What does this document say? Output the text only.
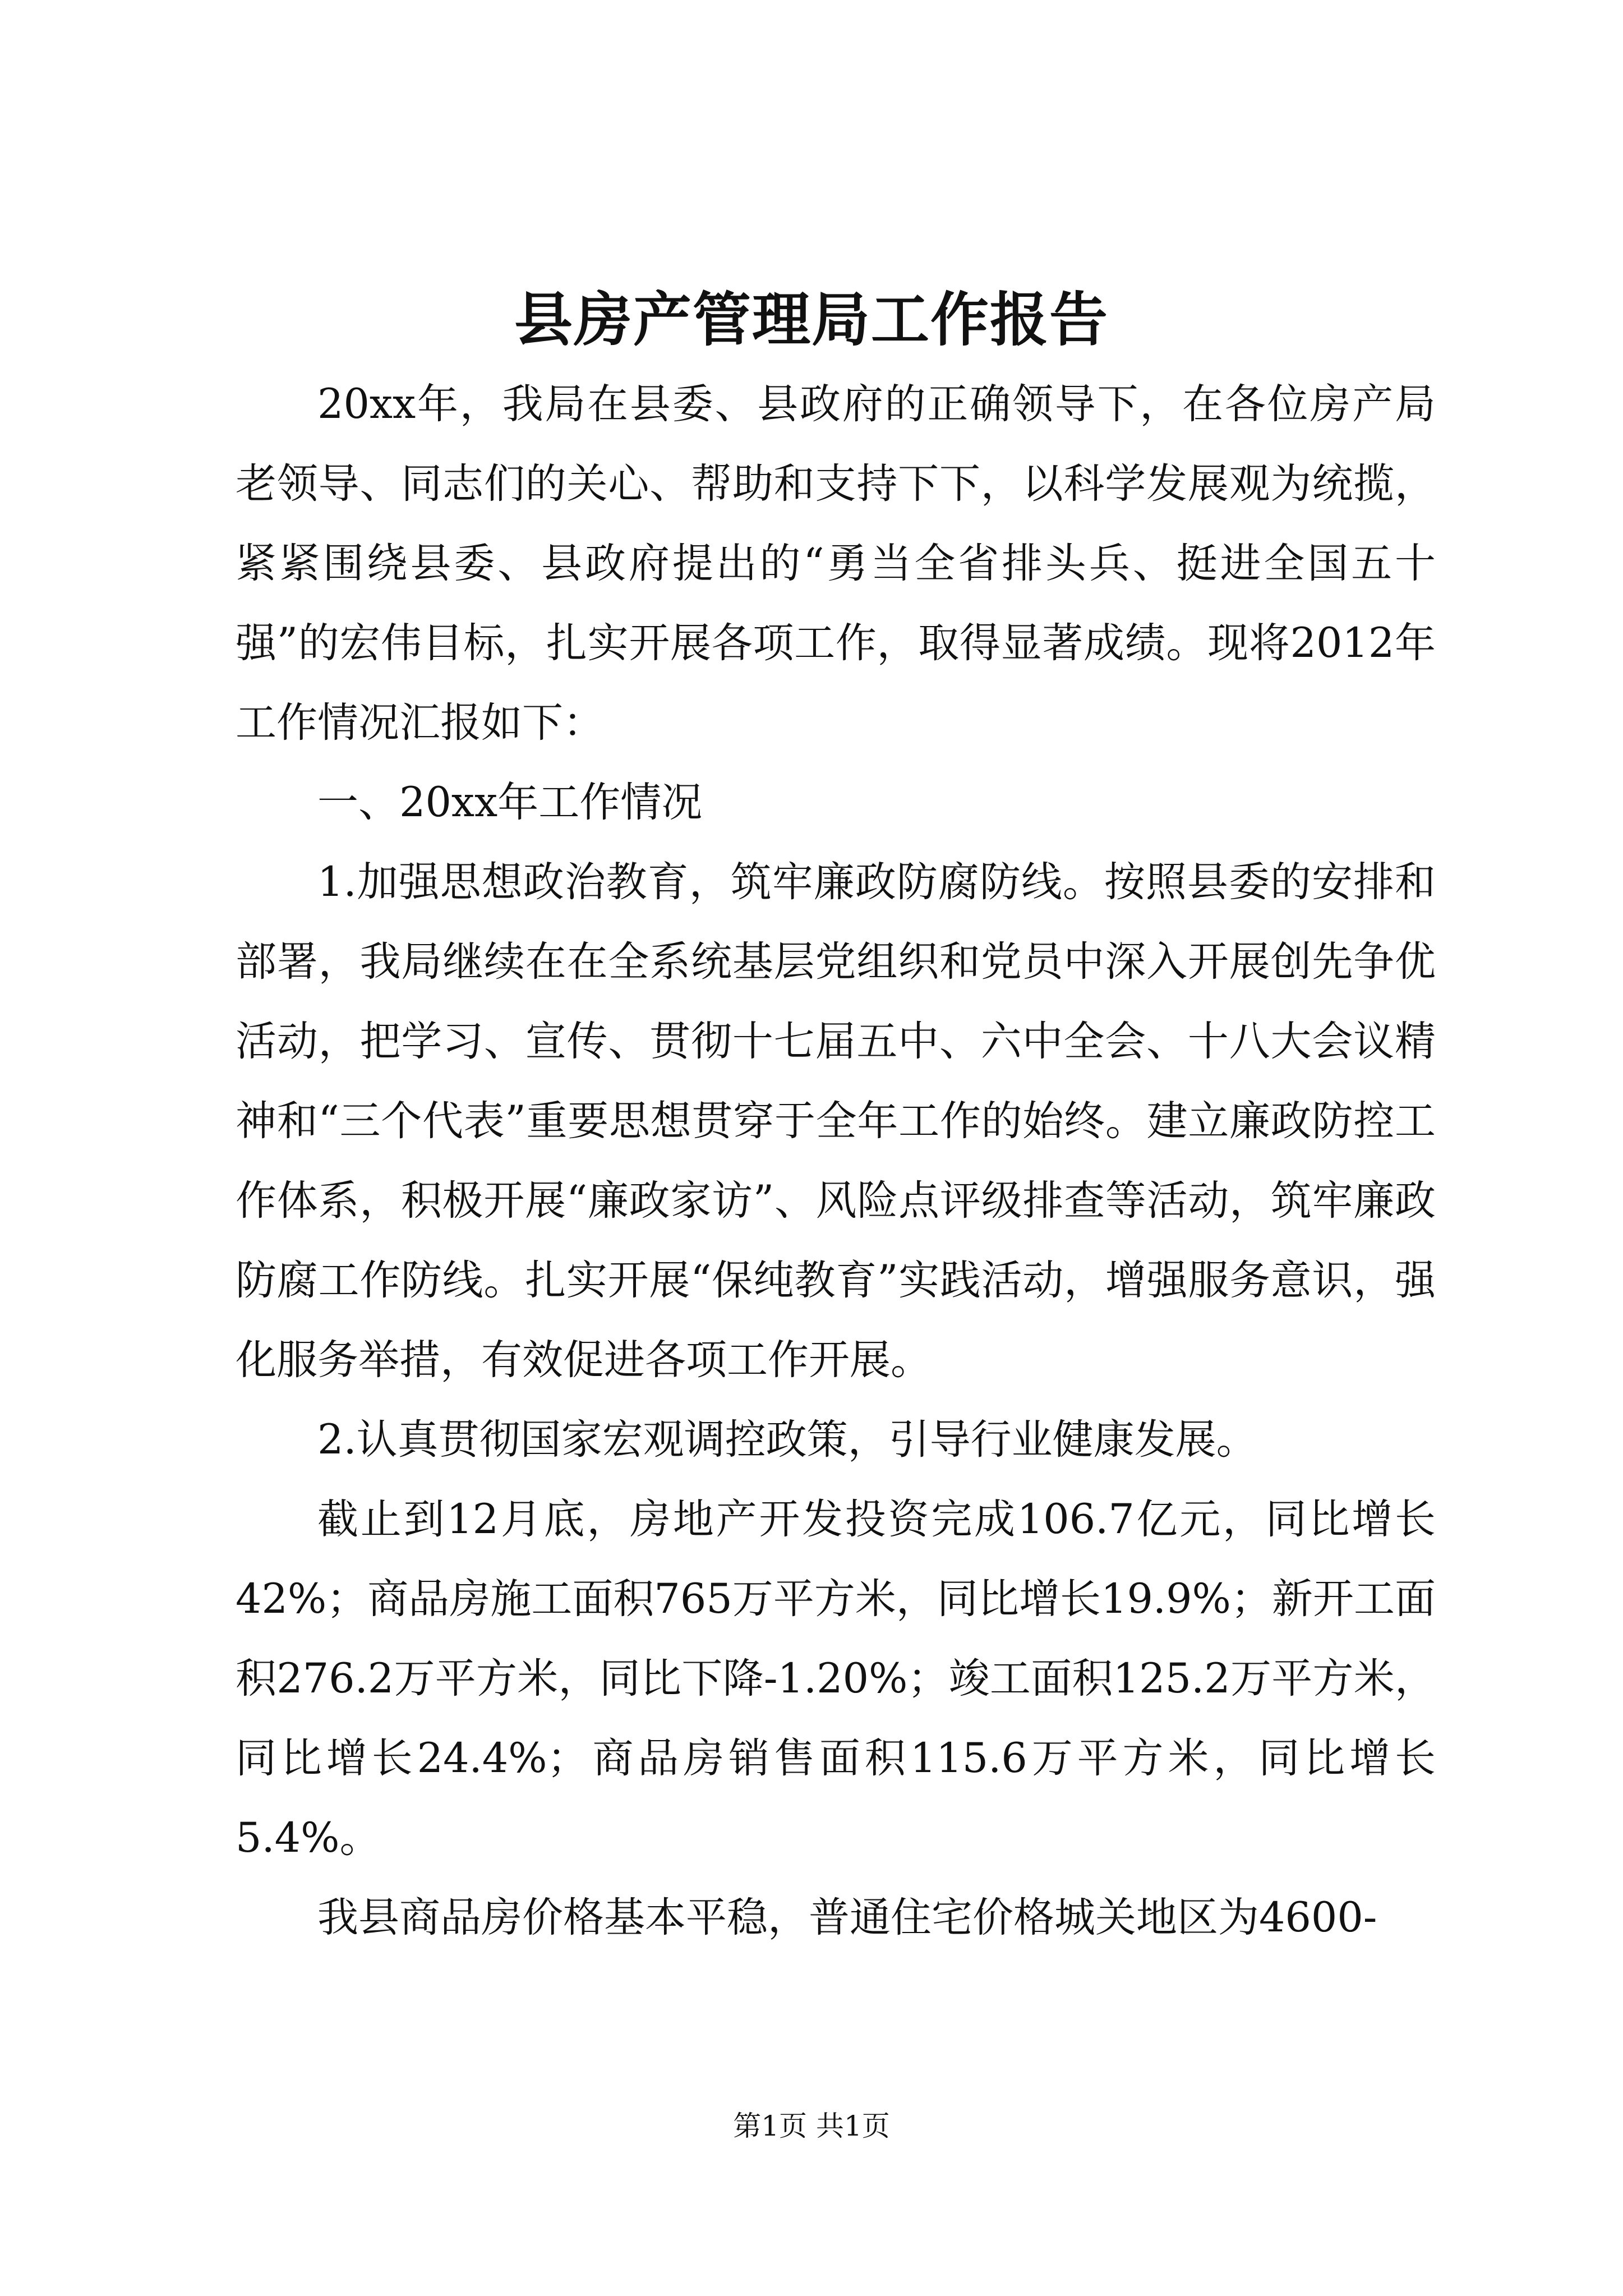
县房产管理局工作报告

20xx年，我局在县委、县政府的正确领导下，在各位房产局老领导、同志们的关心、帮助和支持下下，以科学发展观为统揽，紧紧围绕县委、县政府提出的“勇当全省排头兵、挺进全国五十强”的宏伟目标，扎实开展各项工作，取得显著成绩。现将2012年工作情况汇报如下：

一、20xx年工作情况

1.加强思想政治教育，筑牢廉政防腐防线。按照县委的安排和部署，我局继续在在全系统基层党组织和党员中深入开展创先争优活动，把学习、宣传、贯彻十七届五中、六中全会、十八大会议精神和“三个代表”重要思想贯穿于全年工作的始终。建立廉政防控工作体系，积极开展“廉政家访”、风险点评级排查等活动，筑牢廉政防腐工作防线。扎实开展“保纯教育”实践活动，增强服务意识，强化服务举措，有效促进各项工作开展。

2.认真贯彻国家宏观调控政策，引导行业健康发展。

截止到12月底，房地产开发投资完成106.7亿元，同比增长42%；商品房施工面积765万平方米，同比增长19.9%；新开工面积276.2万平方米，同比下降-1.20%；竣工面积125.2万平方米，同比增长24.4%；商品房销售面积115.6万平方米，同比增长5.4%。

我县商品房价格基本平稳，普通住宅价格城关地区为4600-

第1页 共1页
